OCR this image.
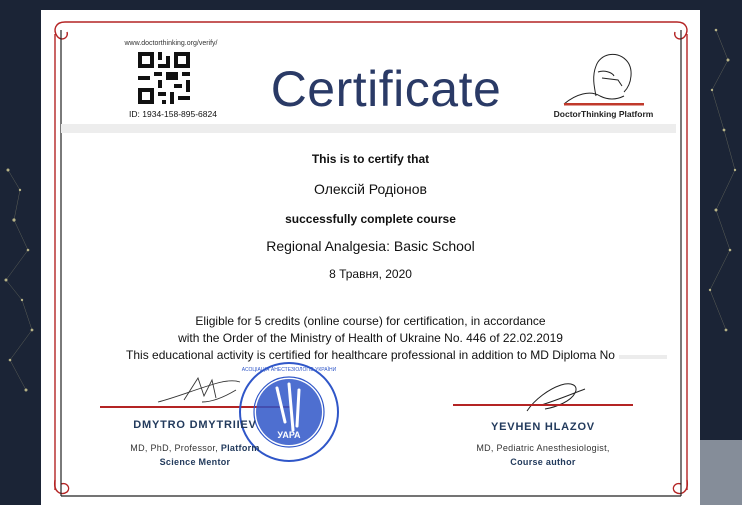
www.doctorthinking.org/verify/
ID: 1934-158-895-6824	Certificate	DoctorThinking Platform
This is to certify that
Олексій Родіонов
successfully complete course
Regional Analgesia: Basic School
8 Травня, 2020
Eligible for 5 credits (online course) for certification, in accordance
with the Order of the Ministry of Health of Ukraine No. 446 of 22.02.2019
This educational activity is certified for healthcare professional in addition to MD Diploma No
УАРА
АСОЦІАЦІЯ АНЕСТЕЗІОЛОГІВ УКРАЇНИ
DMYTRO DMYTRIIEV
MD, PhD, Professor, Platform
Science Mentor
YEVHEN HLAZOV
MD, Pediatric Anesthesiologist,
Course author
